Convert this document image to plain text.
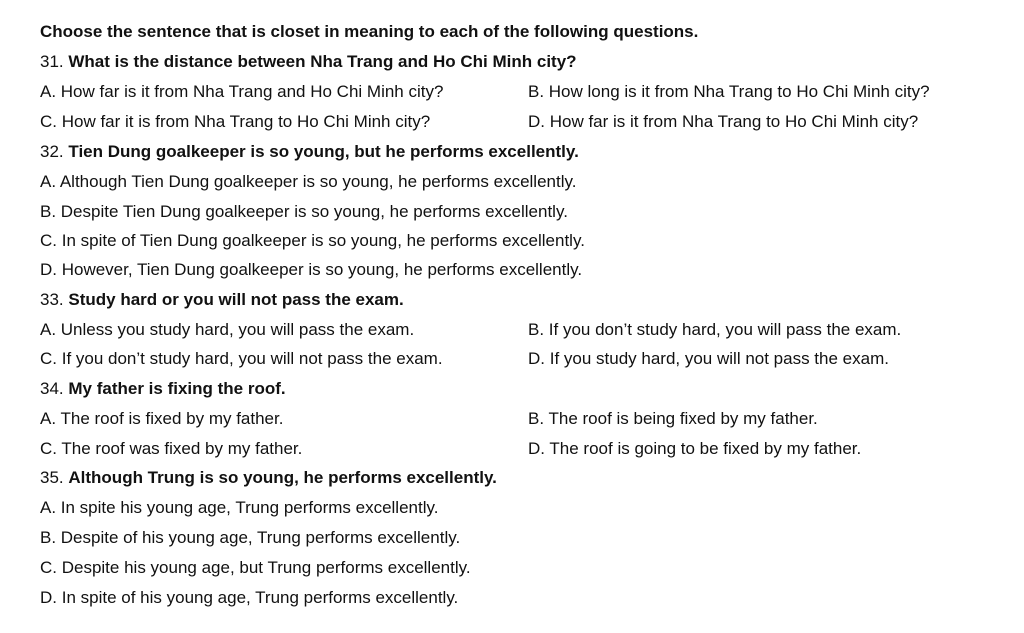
Choose the sentence that is closet in meaning to each of the following questions.
31. What is the distance between Nha Trang and Ho Chi Minh city?
A. How far is it from Nha Trang and Ho Chi Minh city?	B. How long is it from Nha Trang to Ho Chi Minh city?
C. How far it is from Nha Trang to Ho Chi Minh city?	D. How far is it from Nha Trang to Ho Chi Minh city?
32. Tien Dung goalkeeper is so young, but he performs excellently.
A. Although Tien Dung goalkeeper is so young, he performs excellently.
B. Despite Tien Dung goalkeeper is so young, he performs excellently.
C. In spite of Tien Dung goalkeeper is so young, he performs excellently.
D. However, Tien Dung goalkeeper is so young, he performs excellently.
33. Study hard or you will not pass the exam.
A. Unless you study hard, you will pass the exam.	B. If you don’t study hard, you will pass the exam.
C. If you don’t study hard, you will not pass the exam.	D. If you study hard, you will not pass the exam.
34. My father is fixing the roof.
A. The roof is fixed by my father.	B. The roof is being fixed by my father.
C. The roof was fixed by my father.	D. The roof is going to be fixed by my father.
35. Although Trung is so young, he performs excellently.
A. In spite his young age, Trung performs excellently.
B. Despite of his young age, Trung performs excellently.
C. Despite his young age, but Trung performs excellently.
D. In spite of his young age, Trung performs excellently.
